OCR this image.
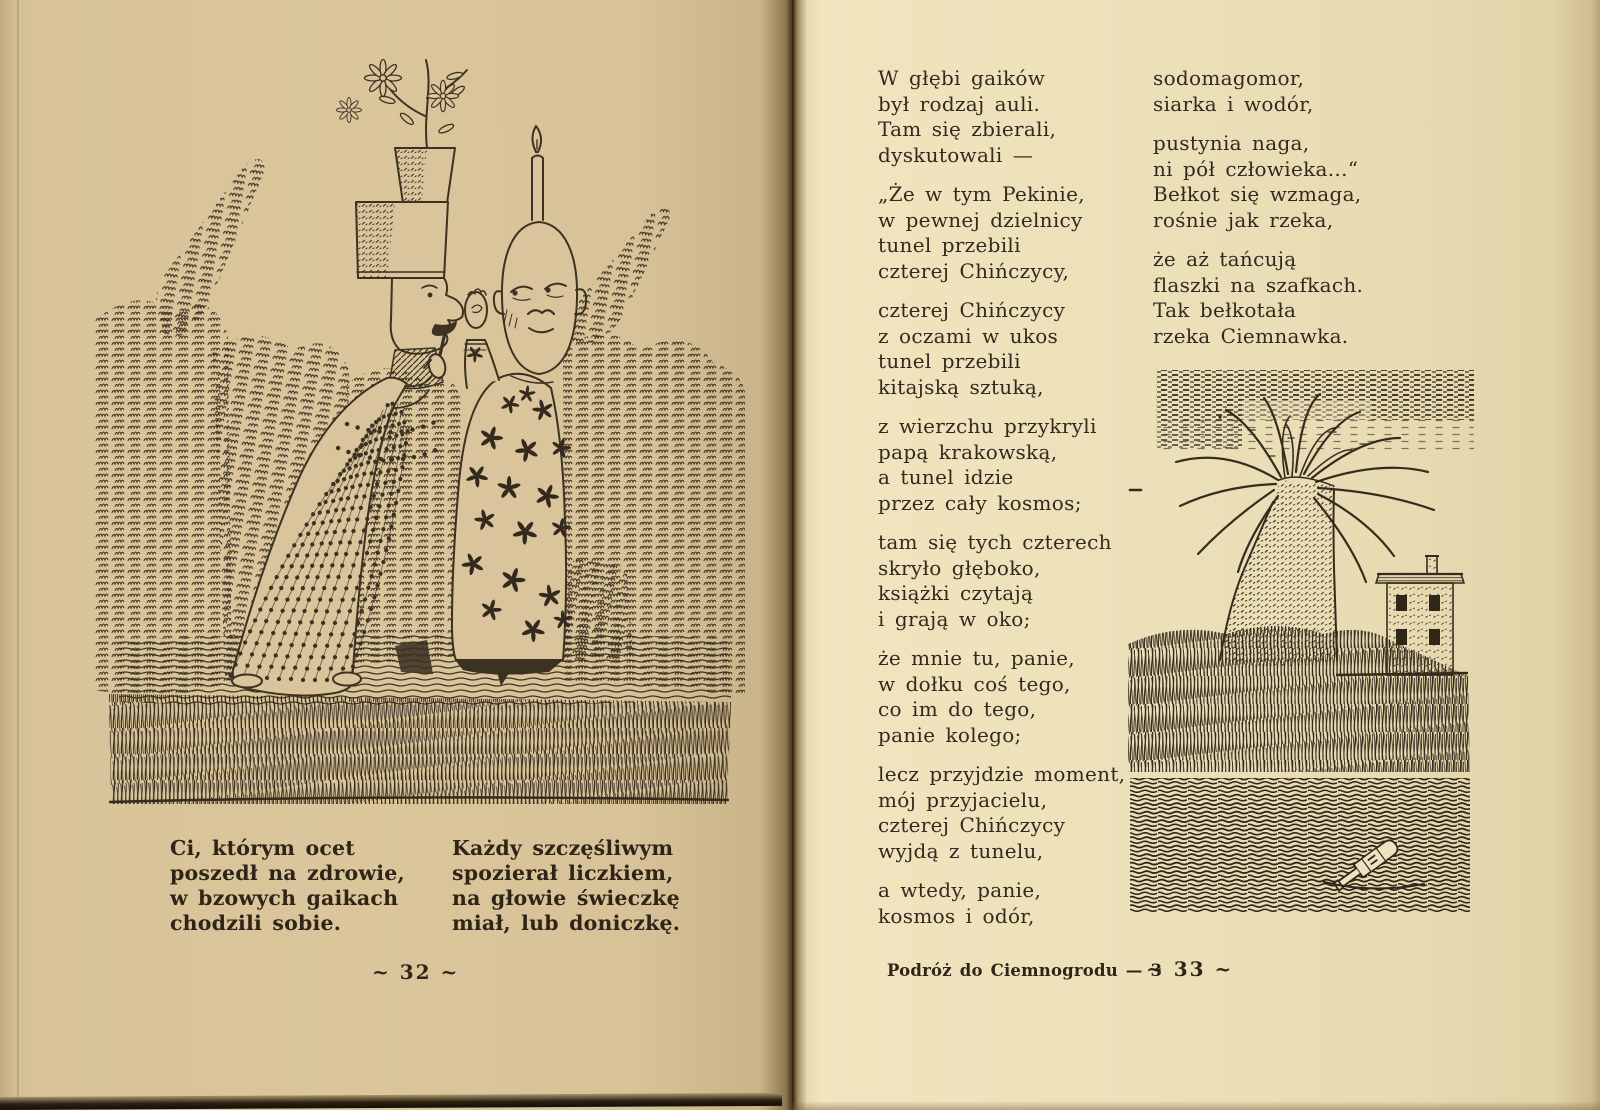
W głębi gaików
był rodzaj auli.
Tam się zbierali,
dyskutowali —
„Że w tym Pekinie,
w pewnej dzielnicy
tunel przebili
czterej Chińczycy,
czterej Chińczycy
z oczami w ukos
tunel przebili
kitajską sztuką,
z wierzchu przykryli
papą krakowską,
a tunel idzie
przez cały kosmos;
tam się tych czterech
skryło głęboko,
książki czytają
i grają w oko;
że mnie tu, panie,
w dołku coś tego,
co im do tego,
panie kolego;
lecz przyjdzie moment,
mój przyjacielu,
czterej Chińczycy
wyjdą z tunelu,
a wtedy, panie,
kosmos i odór,
sodomagomor,
siarka i wodór,
pustynia naga,
ni pół człowieka...“
Bełkot się wzmaga,
rośnie jak rzeka,
że aż tańcują
flaszki na szafkach.
Tak bełkotała
rzeka Ciemnawka.
Ci, którym ocet
poszedł na zdrowie,
w bzowych gaikach
chodzili sobie.
Każdy szczęśliwym
spozierał liczkiem,
na głowie świeczkę
miał, lub doniczkę.
~ 32 ~	~ 33 ~
Podróż do Ciemnogrodu — 3
